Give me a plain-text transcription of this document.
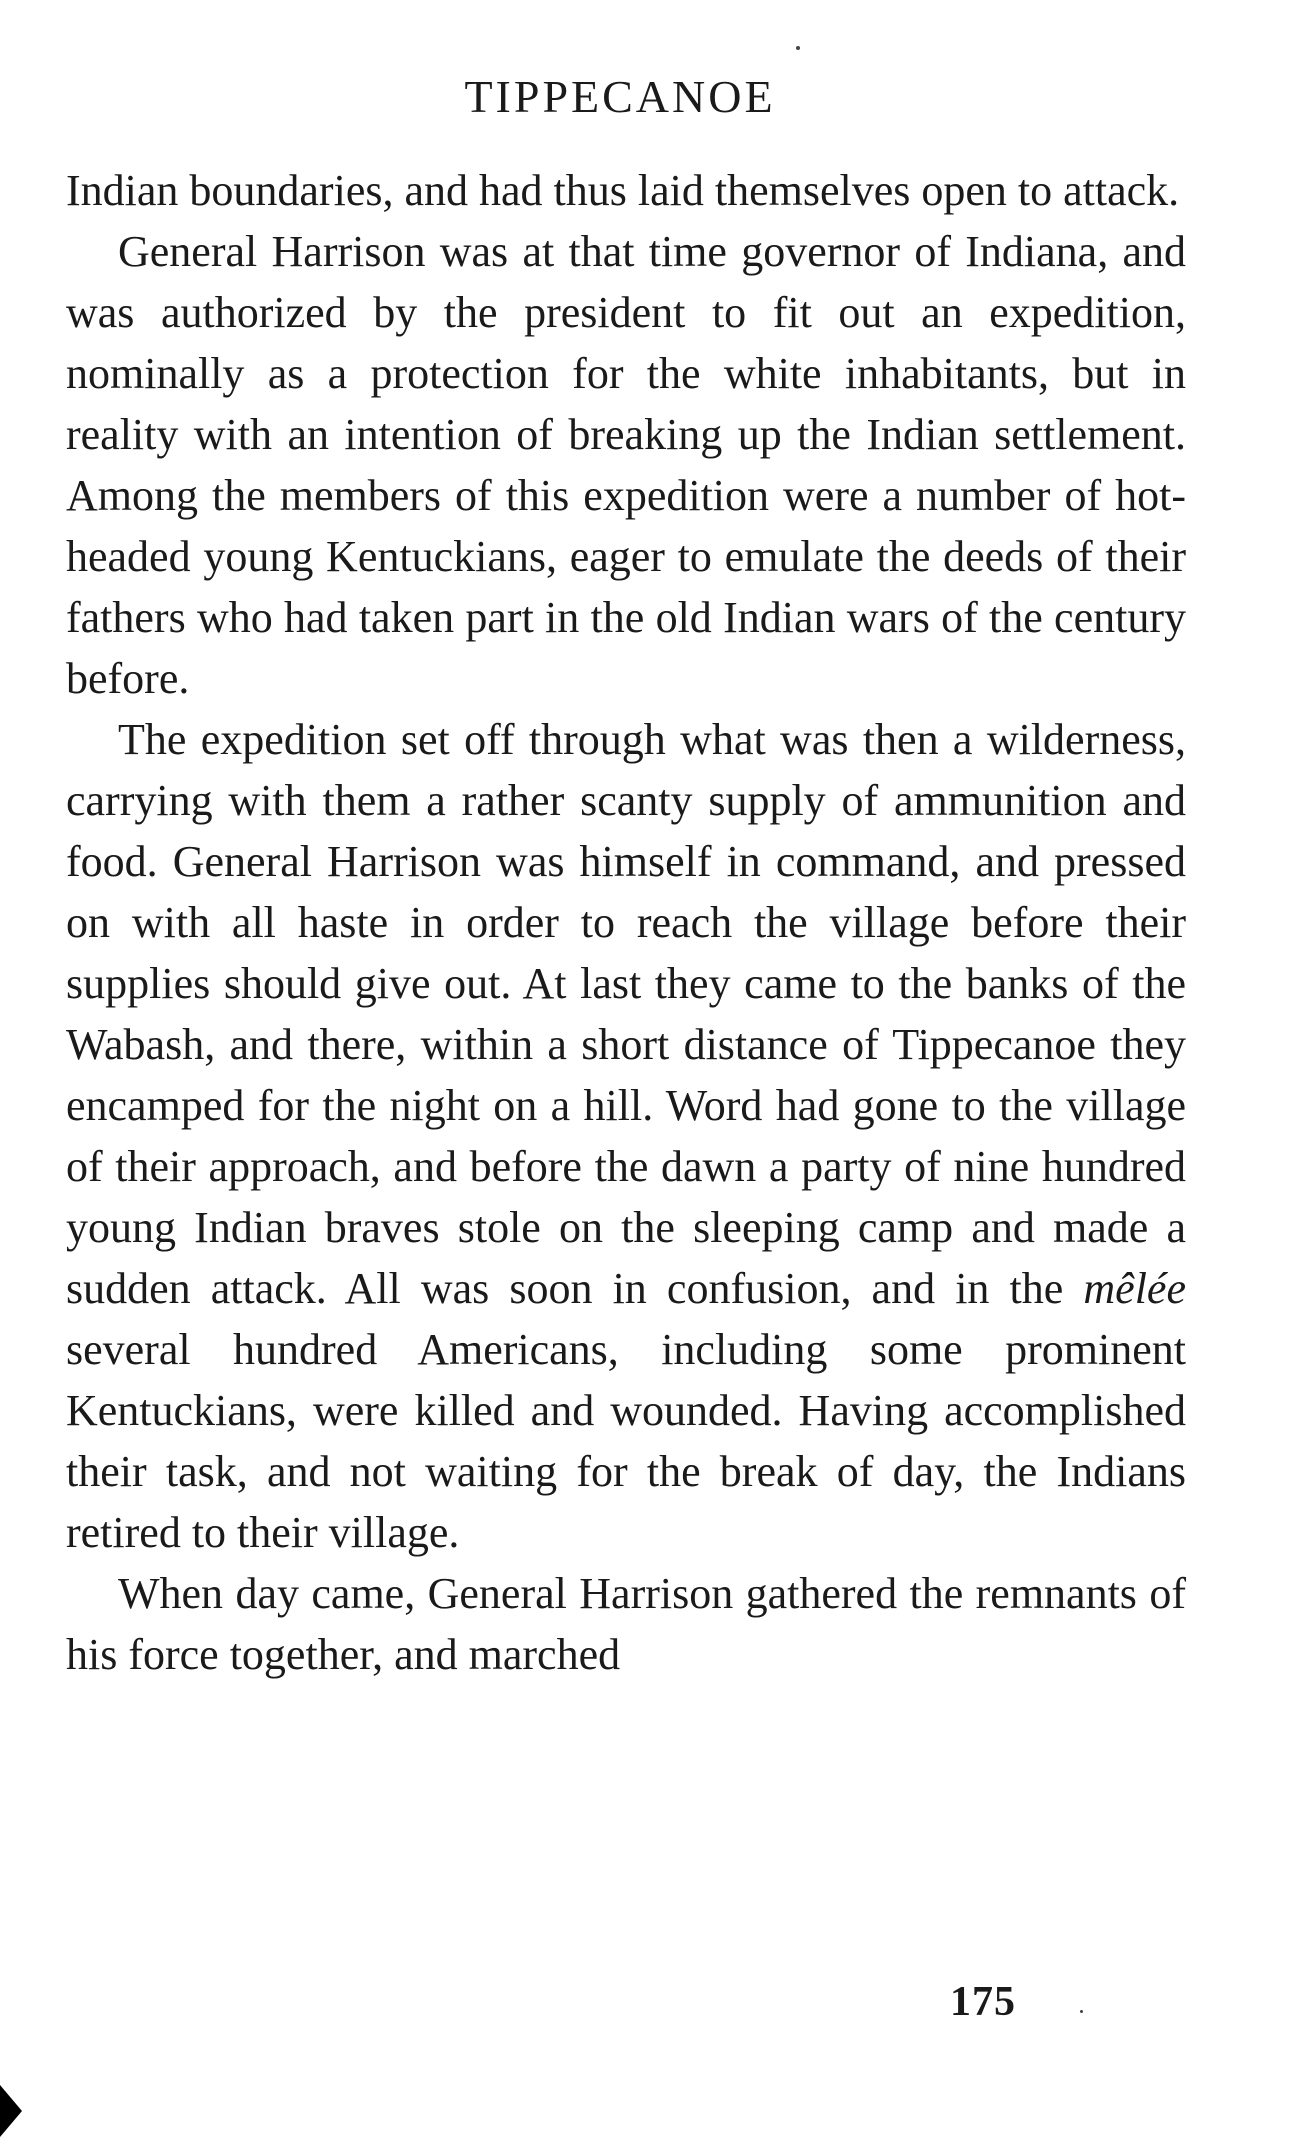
TIPPECANOE

Indian boundaries, and had thus laid themselves open to attack.

General Harrison was at that time governor of Indiana, and was authorized by the president to fit out an expedition, nominally as a protection for the white inhabitants, but in reality with an intention of breaking up the Indian settlement. Among the members of this expedition were a number of hot-headed young Kentuckians, eager to emulate the deeds of their fathers who had taken part in the old Indian wars of the century before.

The expedition set off through what was then a wilderness, carrying with them a rather scanty supply of ammunition and food. General Harrison was himself in command, and pressed on with all haste in order to reach the village before their supplies should give out. At last they came to the banks of the Wabash, and there, within a short distance of Tippecanoe they encamped for the night on a hill. Word had gone to the village of their approach, and before the dawn a party of nine hundred young Indian braves stole on the sleeping camp and made a sudden attack. All was soon in confusion, and in the mêlée several hundred Americans, including some prominent Kentuckians, were killed and wounded. Having accomplished their task, and not waiting for the break of day, the Indians retired to their village.

When day came, General Harrison gathered the remnants of his force together, and marched

175
